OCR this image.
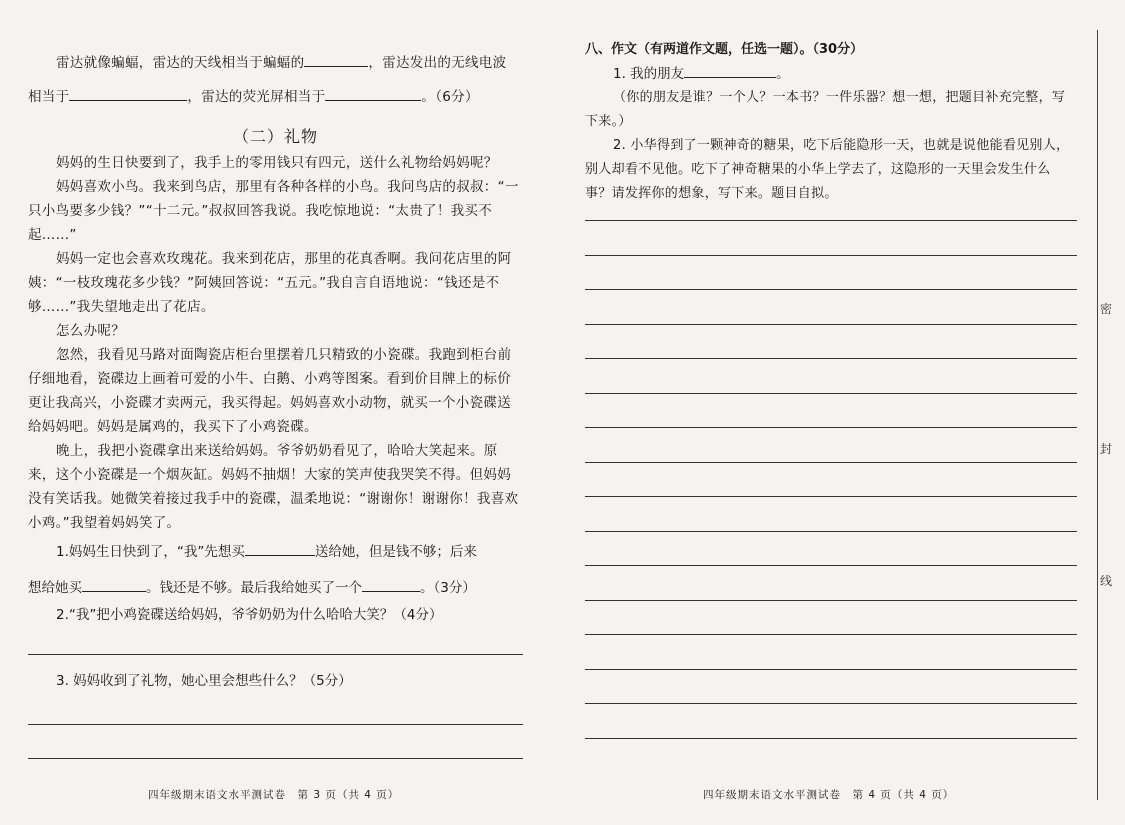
雷达就像蝙蝠，雷达的天线相当于蝙蝠的	，雷达发出的无线电波

相当于	，雷达的荧光屏相当于	。（6分）

（二）礼物

妈妈的生日快要到了，我手上的零用钱只有四元，送什么礼物给妈妈呢？

妈妈喜欢小鸟。我来到鸟店，那里有各种各样的小鸟。我问鸟店的叔叔：“一只小鸟要多少钱？”“十二元。”叔叔回答我说。我吃惊地说：“太贵了！我买不起……”

妈妈一定也会喜欢玫瑰花。我来到花店，那里的花真香啊。我问花店里的阿姨：“一枝玫瑰花多少钱？”阿姨回答说：“五元。”我自言自语地说：“钱还是不够……”我失望地走出了花店。

怎么办呢？

忽然，我看见马路对面陶瓷店柜台里摆着几只精致的小瓷碟。我跑到柜台前仔细地看，瓷碟边上画着可爱的小牛、白鹅、小鸡等图案。看到价目牌上的标价更让我高兴，小瓷碟才卖两元，我买得起。妈妈喜欢小动物，就买一个小瓷碟送给妈妈吧。妈妈是属鸡的，我买下了小鸡瓷碟。

晚上，我把小瓷碟拿出来送给妈妈。爷爷奶奶看见了，哈哈大笑起来。原来，这个小瓷碟是一个烟灰缸。妈妈不抽烟！大家的笑声使我哭笑不得。但妈妈没有笑话我。她微笑着接过我手中的瓷碟，温柔地说：“谢谢你！谢谢你！我喜欢小鸡。”我望着妈妈笑了。

1.妈妈生日快到了，“我”先想买	送给她，但是钱不够；后来

想给她买	。钱还是不够。最后我给她买了一个	。（3分）

2.“我”把小鸡瓷碟送给妈妈，爷爷奶奶为什么哈哈大笑？（4分）

3. 妈妈收到了礼物，她心里会想些什么？（5分）

四年级期末语文水平测试卷　第 3 页（共 4 页）

八、作文（有两道作文题，任选一题）。（30分）

1. 我的朋友	。

（你的朋友是谁？一个人？一本书？一件乐器？想一想，把题目补充完整，写下来。）

2. 小华得到了一颗神奇的糖果，吃下后能隐形一天，也就是说他能看见别人，别人却看不见他。吃下了神奇糖果的小华上学去了，这隐形的一天里会发生什么事？请发挥你的想象，写下来。题目自拟。

四年级期末语文水平测试卷　第 4 页（共 4 页）
密
封
线
